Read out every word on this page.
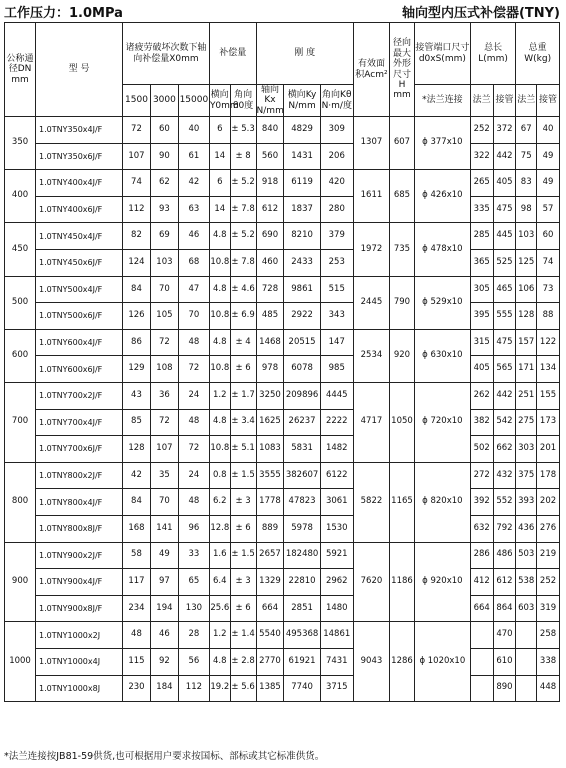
工作压力：1.0MPa	轴向型内压式补偿器(TNY)
公称通径DN mm	型 号	诸疲劳破坏次数下轴向补偿量X0mm			补偿量		刚 度			有效面积Acm²	径向最大外形尺寸H mm	接管端口尺寸d0xS(mm)	总长L(mm)		总重W(kg)	
		1500	3000	15000	横向Y0mm	角向θ0度	轴向Kx N/mm	横向Ky N/mm	角向Kθ N·m/度			*法兰连接	法兰	接管	法兰	接管
350	1.0TNY350x4J/F	72	60	40	6	± 5.3	840	4829	309	1307	607	ϕ 377x10	252	372	67	40
	1.0TNY350x6J/F	107	90	61	14	± 8	560	1431	206				322	442	75	49
400	1.0TNY400x4J/F	74	62	42	6	± 5.2	918	6119	420	1611	685	ϕ 426x10	265	405	83	49
	1.0TNY400x6J/F	112	93	63	14	± 7.8	612	1837	280				335	475	98	57
450	1.0TNY450x4J/F	82	69	46	4.8	± 5.2	690	8210	379	1972	735	ϕ 478x10	285	445	103	60
	1.0TNY450x6J/F	124	103	68	10.8	± 7.8	460	2433	253				365	525	125	74
500	1.0TNY500x4J/F	84	70	47	4.8	± 4.6	728	9861	515	2445	790	ϕ 529x10	305	465	106	73
	1.0TNY500x6J/F	126	105	70	10.8	± 6.9	485	2922	343				395	555	128	88
600	1.0TNY600x4J/F	86	72	48	4.8	± 4	1468	20515	147	2534	920	ϕ 630x10	315	475	157	122
	1.0TNY600x6J/F	129	108	72	10.8	± 6	978	6078	985				405	565	171	134
700	1.0TNY700x2J/F	43	36	24	1.2	± 1.7	3250	209896	4445	4717	1050	ϕ 720x10	262	442	251	155
	1.0TNY700x4J/F	85	72	48	4.8	± 3.4	1625	26237	2222				382	542	275	173
	1.0TNY700x6J/F	128	107	72	10.8	± 5.1	1083	5831	1482				502	662	303	201
800	1.0TNY800x2J/F	42	35	24	0.8	± 1.5	3555	382607	6122	5822	1165	ϕ 820x10	272	432	375	178
	1.0TNY800x4J/F	84	70	48	6.2	± 3	1778	47823	3061				392	552	393	202
	1.0TNY800x8J/F	168	141	96	12.8	± 6	889	5978	1530				632	792	436	276
900	1.0TNY900x2J/F	58	49	33	1.6	± 1.5	2657	182480	5921	7620	1186	ϕ 920x10	286	486	503	219
	1.0TNY900x4J/F	117	97	65	6.4	± 3	1329	22810	2962				412	612	538	252
	1.0TNY900x8J/F	234	194	130	25.6	± 6	664	2851	1480				664	864	603	319
1000	1.0TNY1000x2J	48	46	28	1.2	± 1.4	5540	495368	14861	9043	1286	ϕ 1020x10		470		258
	1.0TNY1000x4J	115	92	56	4.8	± 2.8	2770	61921	7431					610		338
	1.0TNY1000x8J	230	184	112	19.2	± 5.6	1385	7740	3715					890		448
*法兰连接按JB81-59供货,也可根据用户要求按国标、部标或其它标准供货。
